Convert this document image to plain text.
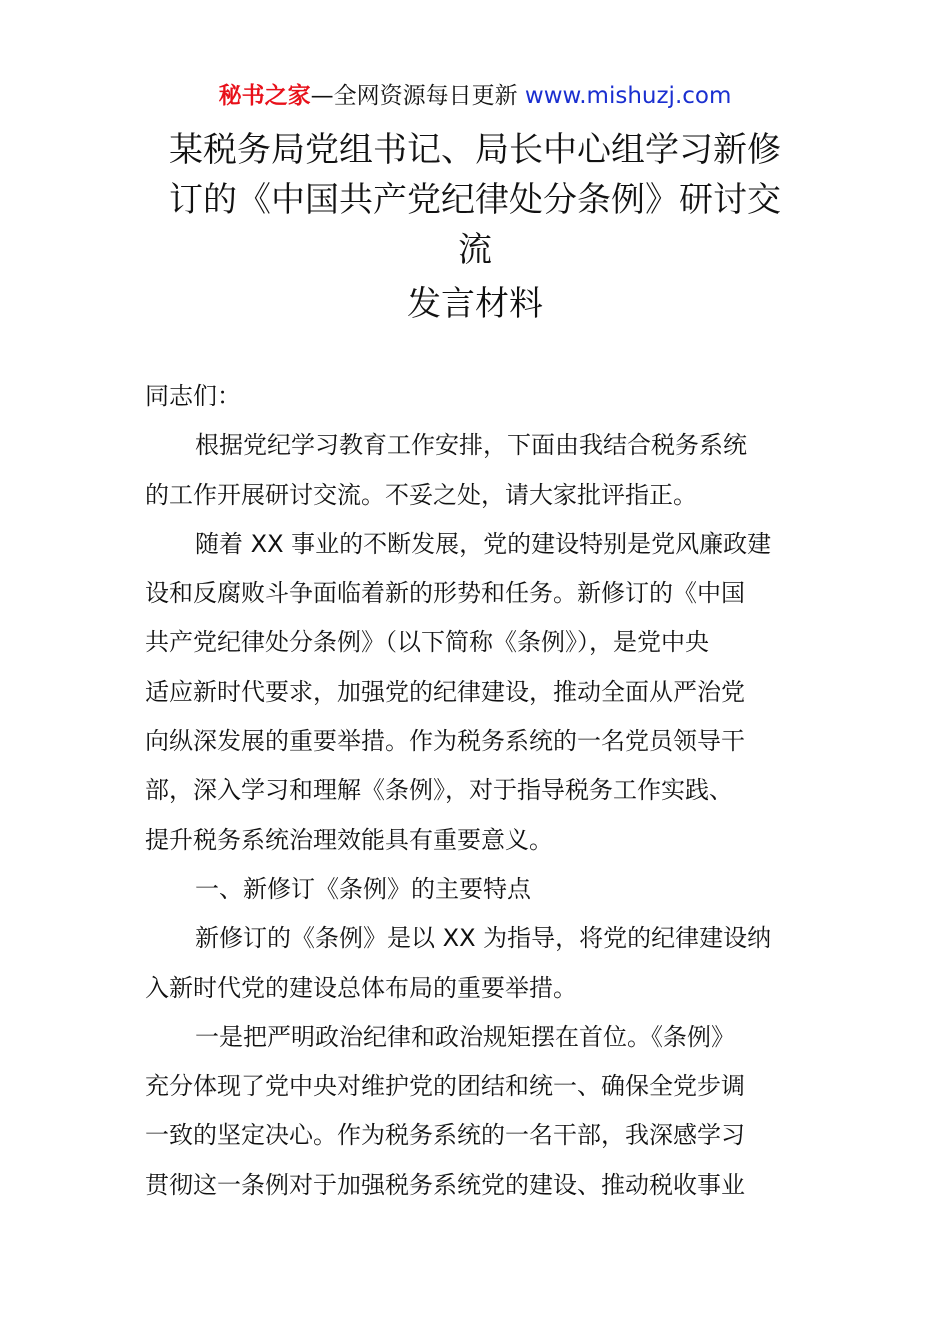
秘书之家—全网资源每日更新 www.mishuzj.com
某税务局党组书记、局长中心组学习新修
订的《中国共产党纪律处分条例》研讨交
流
发言材料
同志们：
根据党纪学习教育工作安排，下面由我结合税务系统
的工作开展研讨交流。不妥之处，请大家批评指正。
随着 XX 事业的不断发展，党的建设特别是党风廉政建
设和反腐败斗争面临着新的形势和任务。新修订的《中国
共产党纪律处分条例》（以下简称《条例》），是党中央
适应新时代要求，加强党的纪律建设，推动全面从严治党
向纵深发展的重要举措。作为税务系统的一名党员领导干
部，深入学习和理解《条例》，对于指导税务工作实践、
提升税务系统治理效能具有重要意义。
一、新修订《条例》的主要特点
新修订的《条例》是以 XX 为指导，将党的纪律建设纳
入新时代党的建设总体布局的重要举措。
一是把严明政治纪律和政治规矩摆在首位。《条例》
充分体现了党中央对维护党的团结和统一、确保全党步调
一致的坚定决心。作为税务系统的一名干部，我深感学习
贯彻这一条例对于加强税务系统党的建设、推动税收事业
